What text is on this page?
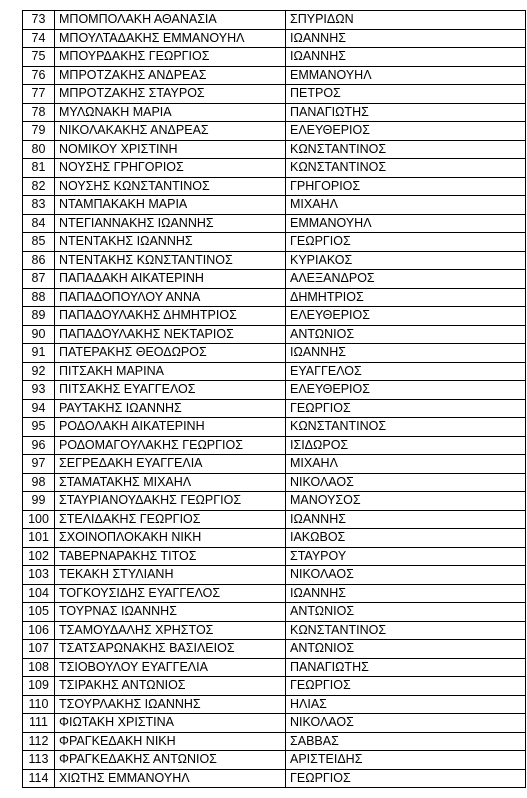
73	ΜΠΟΜΠΟΛΑΚΗ ΑΘΑΝΑΣΙΑ	ΣΠΥΡΙΔΩΝ
74	ΜΠΟΥΛΤΑΔΑΚΗΣ ΕΜΜΑΝΟΥΗΛ	ΙΩΑΝΝΗΣ
75	ΜΠΟΥΡΔΑΚΗΣ ΓΕΩΡΓΙΟΣ	ΙΩΑΝΝΗΣ
76	ΜΠΡΟΤΖΑΚΗΣ ΑΝΔΡΕΑΣ	ΕΜΜΑΝΟΥΗΛ
77	ΜΠΡΟΤΖΑΚΗΣ ΣΤΑΥΡΟΣ	ΠΕΤΡΟΣ
78	ΜΥΛΩΝΑΚΗ ΜΑΡΙΑ	ΠΑΝΑΓΙΩΤΗΣ
79	ΝΙΚΟΛΑΚΑΚΗΣ ΑΝΔΡΕΑΣ	ΕΛΕΥΘΕΡΙΟΣ
80	ΝΟΜΙΚΟΥ ΧΡΙΣΤΙΝΗ	ΚΩΝΣΤΑΝΤΙΝΟΣ
81	ΝΟΥΣΗΣ ΓΡΗΓΟΡΙΟΣ	ΚΩΝΣΤΑΝΤΙΝΟΣ
82	ΝΟΥΣΗΣ ΚΩΝΣΤΑΝΤΙΝΟΣ	ΓΡΗΓΟΡΙΟΣ
83	ΝΤΑΜΠΑΚΑΚΗ ΜΑΡΙΑ	ΜΙΧΑΗΛ
84	ΝΤΕΓΙΑΝΝΑΚΗΣ ΙΩΑΝΝΗΣ	ΕΜΜΑΝΟΥΗΛ
85	ΝΤΕΝΤΑΚΗΣ ΙΩΑΝΝΗΣ	ΓΕΩΡΓΙΟΣ
86	ΝΤΕΝΤΑΚΗΣ ΚΩΝΣΤΑΝΤΙΝΟΣ	ΚΥΡΙΑΚΟΣ
87	ΠΑΠΑΔΑΚΗ ΑΙΚΑΤΕΡΙΝΗ	ΑΛΕΞΑΝΔΡΟΣ
88	ΠΑΠΑΔΟΠΟΥΛΟΥ ΑΝΝΑ	ΔΗΜΗΤΡΙΟΣ
89	ΠΑΠΑΔΟΥΛΑΚΗΣ ΔΗΜΗΤΡΙΟΣ	ΕΛΕΥΘΕΡΙΟΣ
90	ΠΑΠΑΔΟΥΛΑΚΗΣ ΝΕΚΤΑΡΙΟΣ	ΑΝΤΩΝΙΟΣ
91	ΠΑΤΕΡΑΚΗΣ ΘΕΟΔΩΡΟΣ	ΙΩΑΝΝΗΣ
92	ΠΙΤΣΑΚΗ ΜΑΡΙΝΑ	ΕΥΑΓΓΕΛΟΣ
93	ΠΙΤΣΑΚΗΣ ΕΥΑΓΓΕΛΟΣ	ΕΛΕΥΘΕΡΙΟΣ
94	ΡΑΥΤΑΚΗΣ ΙΩΑΝΝΗΣ	ΓΕΩΡΓΙΟΣ
95	ΡΟΔΟΛΑΚΗ ΑΙΚΑΤΕΡΙΝΗ	ΚΩΝΣΤΑΝΤΙΝΟΣ
96	ΡΟΔΟΜΑΓΟΥΛΑΚΗΣ ΓΕΩΡΓΙΟΣ	ΙΣΙΔΩΡΟΣ
97	ΣΕΓΡΕΔΑΚΗ ΕΥΑΓΓΕΛΙΑ	ΜΙΧΑΗΛ
98	ΣΤΑΜΑΤΑΚΗΣ ΜΙΧΑΗΛ	ΝΙΚΟΛΑΟΣ
99	ΣΤΑΥΡΙΑΝΟΥΔΑΚΗΣ ΓΕΩΡΓΙΟΣ	ΜΑΝΟΥΣΟΣ
100	ΣΤΕΛΙΔΑΚΗΣ ΓΕΩΡΓΙΟΣ	ΙΩΑΝΝΗΣ
101	ΣΧΟΙΝΟΠΛΟΚΑΚΗ ΝΙΚΗ	ΙΑΚΩΒΟΣ
102	ΤΑΒΕΡΝΑΡΑΚΗΣ ΤΙΤΟΣ	ΣΤΑΥΡΟΥ
103	ΤΕΚΑΚΗ ΣΤΥΛΙΑΝΗ	ΝΙΚΟΛΑΟΣ
104	ΤΟΓΚΟΥΣΙΔΗΣ ΕΥΑΓΓΕΛΟΣ	ΙΩΑΝΝΗΣ
105	ΤΟΥΡΝΑΣ ΙΩΑΝΝΗΣ	ΑΝΤΩΝΙΟΣ
106	ΤΣΑΜΟΥΔΑΛΗΣ ΧΡΗΣΤΟΣ	ΚΩΝΣΤΑΝΤΙΝΟΣ
107	ΤΣΑΤΣΑΡΩΝΑΚΗΣ ΒΑΣΙΛΕΙΟΣ	ΑΝΤΩΝΙΟΣ
108	ΤΣΙΟΒΟΥΛΟΥ ΕΥΑΓΓΕΛΙΑ	ΠΑΝΑΓΙΩΤΗΣ
109	ΤΣΙΡΑΚΗΣ ΑΝΤΩΝΙΟΣ	ΓΕΩΡΓΙΟΣ
110	ΤΣΟΥΡΛΑΚΗΣ ΙΩΑΝΝΗΣ	ΗΛΙΑΣ
111	ΦΙΩΤΑΚΗ ΧΡΙΣΤΙΝΑ	ΝΙΚΟΛΑΟΣ
112	ΦΡΑΓΚΕΔΑΚΗ ΝΙΚΗ	ΣΑΒΒΑΣ
113	ΦΡΑΓΚΕΔΑΚΗΣ ΑΝΤΩΝΙΟΣ	ΑΡΙΣΤΕΙΔΗΣ
114	ΧΙΩΤΗΣ ΕΜΜΑΝΟΥΗΛ	ΓΕΩΡΓΙΟΣ
